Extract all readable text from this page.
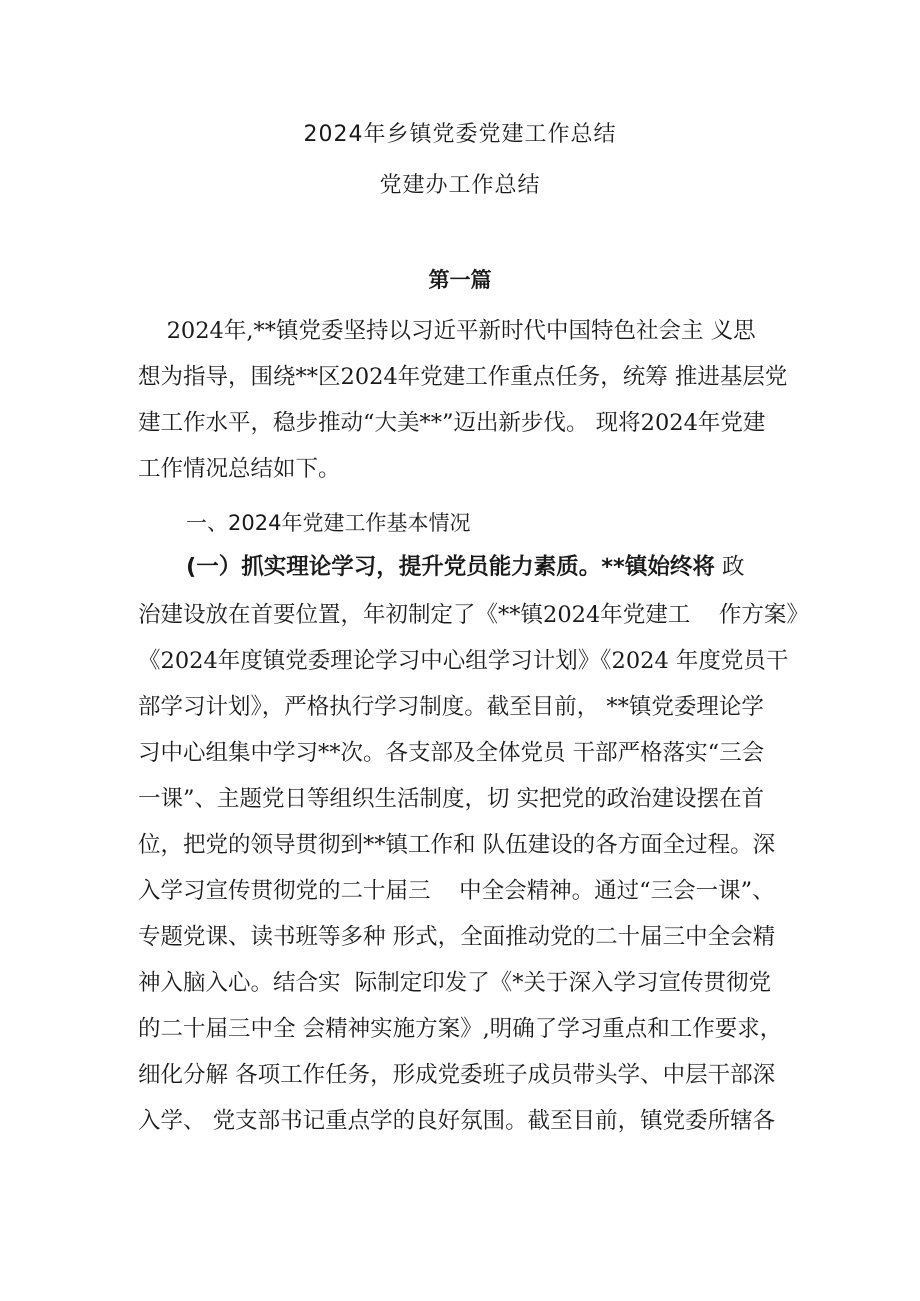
2024年乡镇党委党建工作总结
党建办工作总结
第一篇
2024年,**镇党委坚持以习近平新时代中国特色社会主 义思
想为指导，围绕**区2024年党建工作重点任务，统筹 推进基层党
建工作水平，稳步推动“大美**”迈出新步伐。 现将2024年党建
工作情况总结如下。
一、2024年党建工作基本情况
(一）抓实理论学习，提升党员能力素质。**镇始终将 政
治建设放在首要位置，年初制定了《**镇2024年党建工    作方案》
《2024年度镇党委理论学习中心组学习计划》《2024 年度党员干
部学习计划》，严格执行学习制度。截至目前， **镇党委理论学
习中心组集中学习**次。各支部及全体党员 干部严格落实“三会
一课”、主题党日等组织生活制度，切 实把党的政治建设摆在首
位，把党的领导贯彻到**镇工作和 队伍建设的各方面全过程。深
入学习宣传贯彻党的二十届三    中全会精神。通过“三会一课”、
专题党课、读书班等多种 形式，全面推动党的二十届三中全会精
神入脑入心。结合实  际制定印发了《*关于深入学习宣传贯彻党
的二十届三中全 会精神实施方案》,明确了学习重点和工作要求，
细化分解 各项工作任务，形成党委班子成员带头学、中层干部深
入学、 党支部书记重点学的良好氛围。截至目前，镇党委所辖各
